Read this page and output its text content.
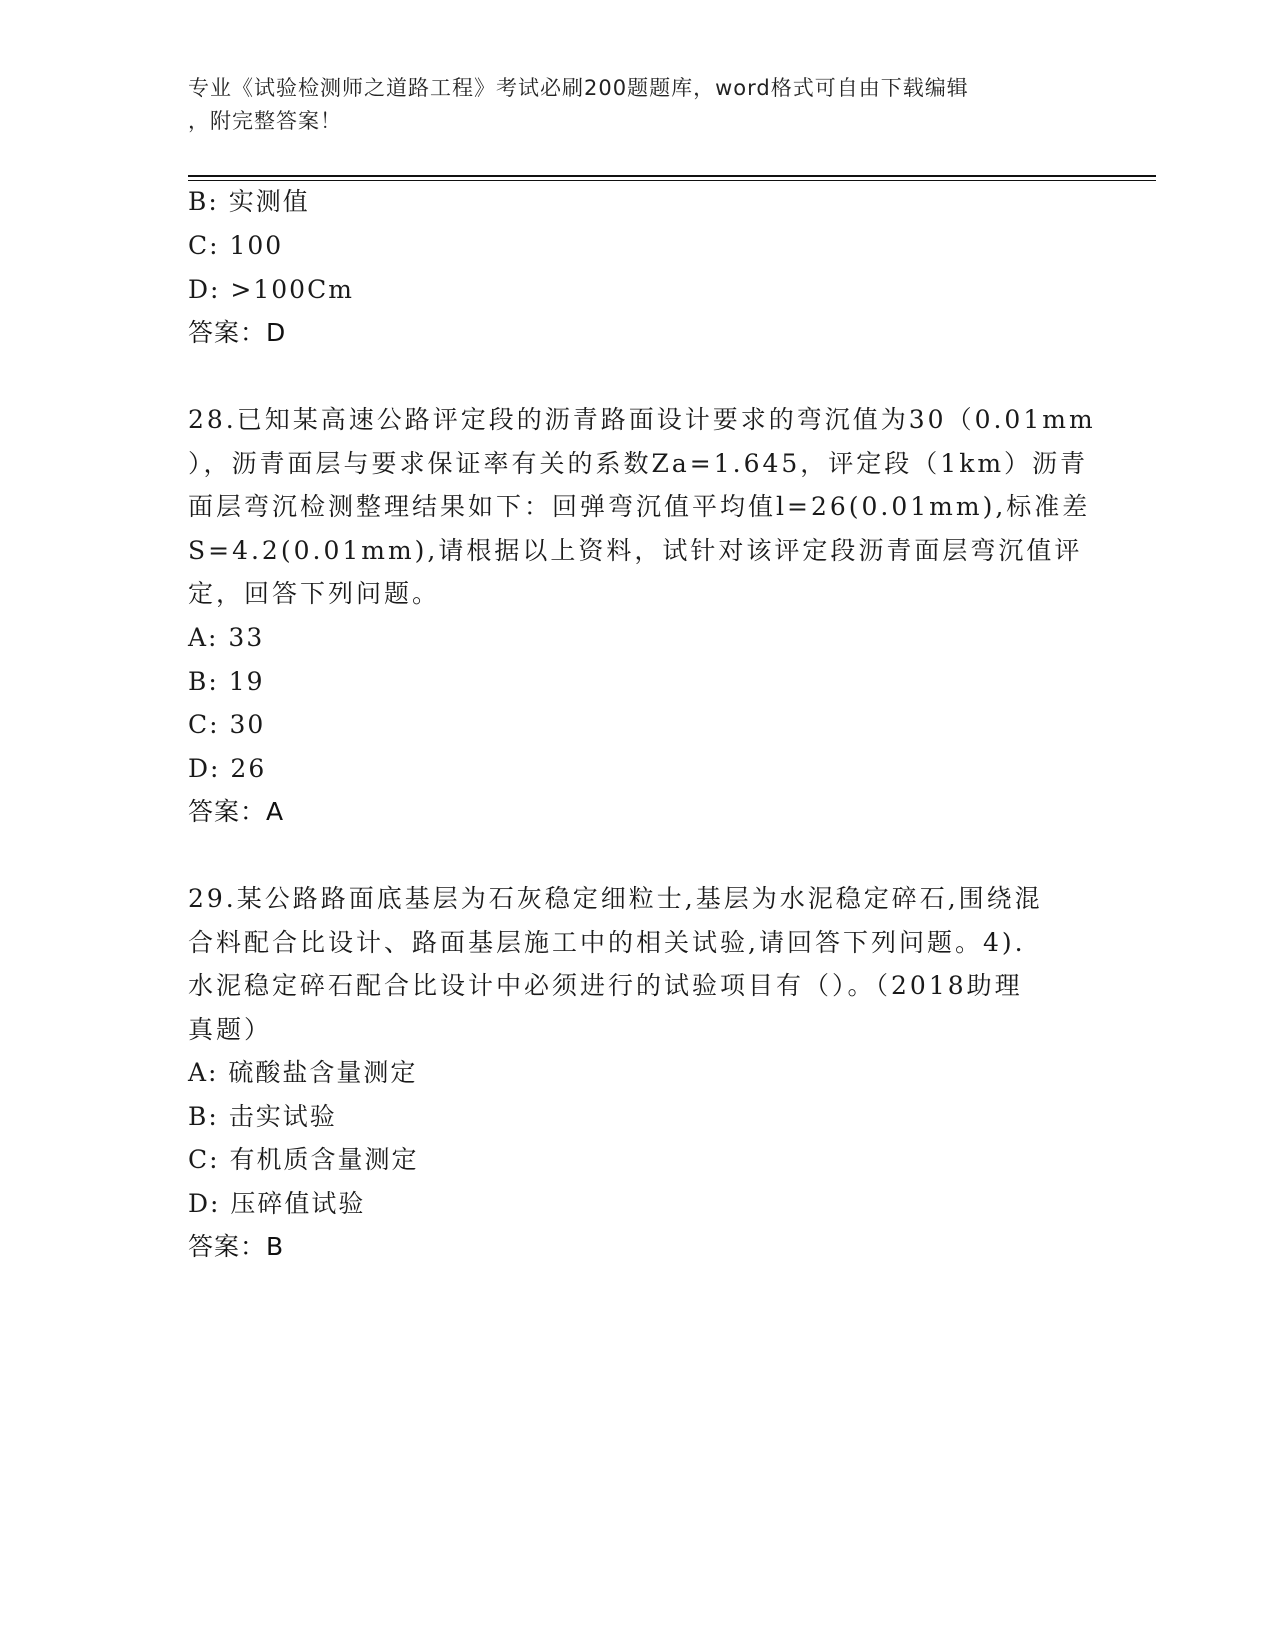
专业《试验检测师之道路工程》考试必刷200题题库，word格式可自由下载编辑
，附完整答案！
B: 实测值
C: 100
D: >100Cm
答案：D
28.已知某高速公路评定段的沥青路面设计要求的弯沉值为30（0.01mm
），沥青面层与要求保证率有关的系数Za=1.645，评定段（1km）沥青
面层弯沉检测整理结果如下：回弹弯沉值平均值l=26(0.01mm),标准差
S=4.2(0.01mm),请根据以上资料，试针对该评定段沥青面层弯沉值评
定，回答下列问题。
A: 33
B: 19
C: 30
D: 26
答案：A
29.某公路路面底基层为石灰稳定细粒士,基层为水泥稳定碎石,围绕混
合料配合比设计、路面基层施工中的相关试验,请回答下列问题。4).
水泥稳定碎石配合比设计中必须进行的试验项目有（）。（2018助理
真题）
A: 硫酸盐含量测定
B: 击实试验
C: 有机质含量测定
D: 压碎值试验
答案：B
